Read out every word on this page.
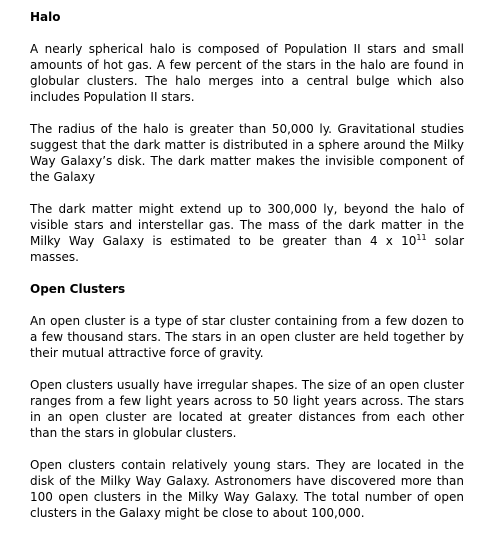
Halo

A nearly spherical halo is composed of Population II stars and small amounts of hot gas. A few percent of the stars in the halo are found in globular clusters. The halo merges into a central bulge which also includes Population II stars.

The radius of the halo is greater than 50,000 ly. Gravitational studies suggest that the dark matter is distributed in a sphere around the Milky Way Galaxy’s disk. The dark matter makes the invisible component of the Galaxy

The dark matter might extend up to 300,000 ly, beyond the halo of visible stars and interstellar gas. The mass of the dark matter in the Milky Way Galaxy is estimated to be greater than 4 x $10^{11}$ solar masses.

Open Clusters

An open cluster is a type of star cluster containing from a few dozen to a few thousand stars. The stars in an open cluster are held together by their mutual attractive force of gravity.

Open clusters usually have irregular shapes. The size of an open cluster ranges from a few light years across to 50 light years across. The stars in an open cluster are located at greater distances from each other than the stars in globular clusters.

Open clusters contain relatively young stars. They are located in the disk of the Milky Way Galaxy. Astronomers have discovered more than 100 open clusters in the Milky Way Galaxy. The total number of open clusters in the Galaxy might be close to about 100,000.
